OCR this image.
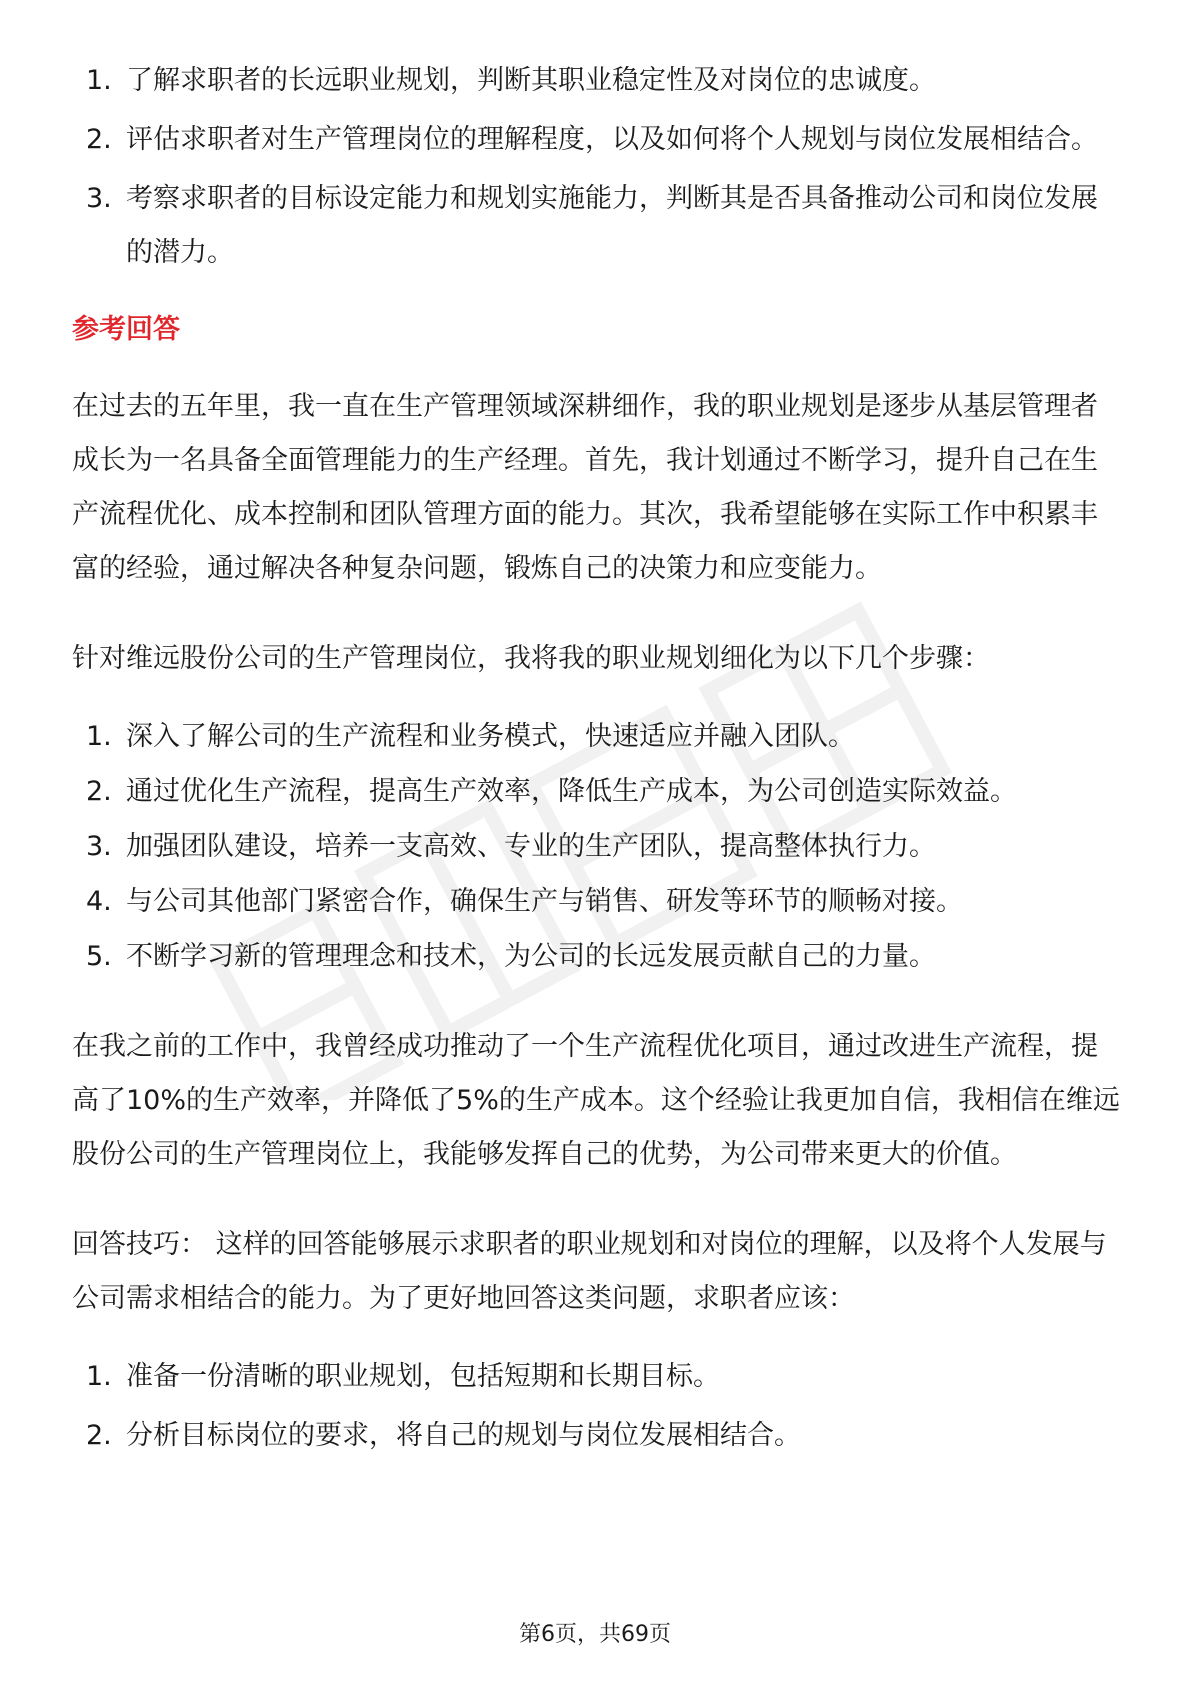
1. 了解求职者的长远职业规划，判断其职业稳定性及对岗位的忠诚度。
2. 评估求职者对生产管理岗位的理解程度，以及如何将个人规划与岗位发展相结合。
3. 考察求职者的目标设定能力和规划实施能力，判断其是否具备推动公司和岗位发展的潜力。
参考回答

在过去的五年里，我一直在生产管理领域深耕细作，我的职业规划是逐步从基层管理者成长为一名具备全面管理能力的生产经理。首先，我计划通过不断学习，提升自己在生产流程优化、成本控制和团队管理方面的能力。其次，我希望能够在实际工作中积累丰富的经验，通过解决各种复杂问题，锻炼自己的决策力和应变能力。

针对维远股份公司的生产管理岗位，我将我的职业规划细化为以下几个步骤：

1. 深入了解公司的生产流程和业务模式，快速适应并融入团队。
2. 通过优化生产流程，提高生产效率，降低生产成本，为公司创造实际效益。
3. 加强团队建设，培养一支高效、专业的生产团队，提高整体执行力。
4. 与公司其他部门紧密合作，确保生产与销售、研发等环节的顺畅对接。
5. 不断学习新的管理理念和技术，为公司的长远发展贡献自己的力量。

在我之前的工作中，我曾经成功推动了一个生产流程优化项目，通过改进生产流程，提高了10%的生产效率，并降低了5%的生产成本。这个经验让我更加自信，我相信在维远股份公司的生产管理岗位上，我能够发挥自己的优势，为公司带来更大的价值。

回答技巧： 这样的回答能够展示求职者的职业规划和对岗位的理解，以及将个人发展与公司需求相结合的能力。为了更好地回答这类问题，求职者应该：

1. 准备一份清晰的职业规划，包括短期和长期目标。
2. 分析目标岗位的要求，将自己的规划与岗位发展相结合。
第6页，共69页
